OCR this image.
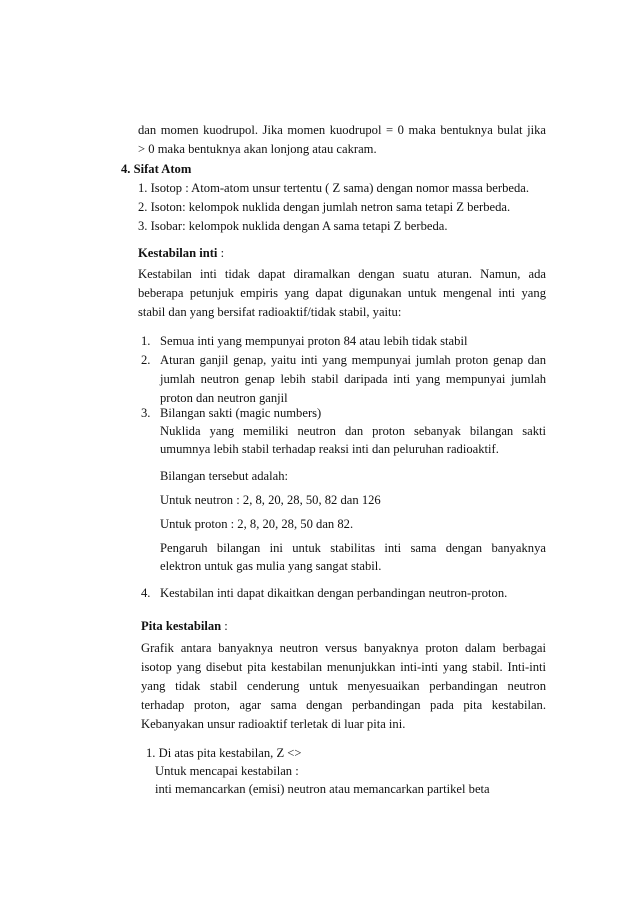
dan momen kuodrupol. Jika momen kuodrupol = 0 maka bentuknya bulat jika
> 0 maka bentuknya akan lonjong atau cakram.
4. Sifat Atom
1. Isotop : Atom-atom unsur tertentu ( Z sama) dengan nomor massa berbeda.
2. Isoton: kelompok nuklida dengan jumlah netron sama tetapi Z berbeda.
3. Isobar: kelompok nuklida dengan A sama tetapi Z berbeda.
Kestabilan inti :
Kestabilan inti tidak dapat diramalkan dengan suatu aturan. Namun, ada
beberapa petunjuk empiris yang dapat digunakan untuk mengenal inti yang
stabil dan yang bersifat radioaktif/tidak stabil, yaitu:
1. Semua inti yang mempunyai proton 84 atau lebih tidak stabil
2. Aturan ganjil genap, yaitu inti yang mempunyai jumlah proton genap dan
jumlah neutron genap lebih stabil daripada inti yang mempunyai jumlah
proton dan neutron ganjil
3. Bilangan sakti (magic numbers)
Nuklida yang memiliki neutron dan proton sebanyak bilangan sakti
umumnya lebih stabil terhadap reaksi inti dan peluruhan radioaktif.
Bilangan tersebut adalah:
Untuk neutron : 2, 8, 20, 28, 50, 82 dan 126
Untuk proton : 2, 8, 20, 28, 50 dan 82.
Pengaruh bilangan ini untuk stabilitas inti sama dengan banyaknya
elektron untuk gas mulia yang sangat stabil.
4. Kestabilan inti dapat dikaitkan dengan perbandingan neutron-proton.
Pita kestabilan :
Grafik antara banyaknya neutron versus banyaknya proton dalam berbagai
isotop yang disebut pita kestabilan menunjukkan inti-inti yang stabil. Inti-inti
yang tidak stabil cenderung untuk menyesuaikan perbandingan neutron
terhadap proton, agar sama dengan perbandingan pada pita kestabilan.
Kebanyakan unsur radioaktif terletak di luar pita ini.
1. Di atas pita kestabilan, Z <>
Untuk mencapai kestabilan :
inti memancarkan (emisi) neutron atau memancarkan partikel beta
